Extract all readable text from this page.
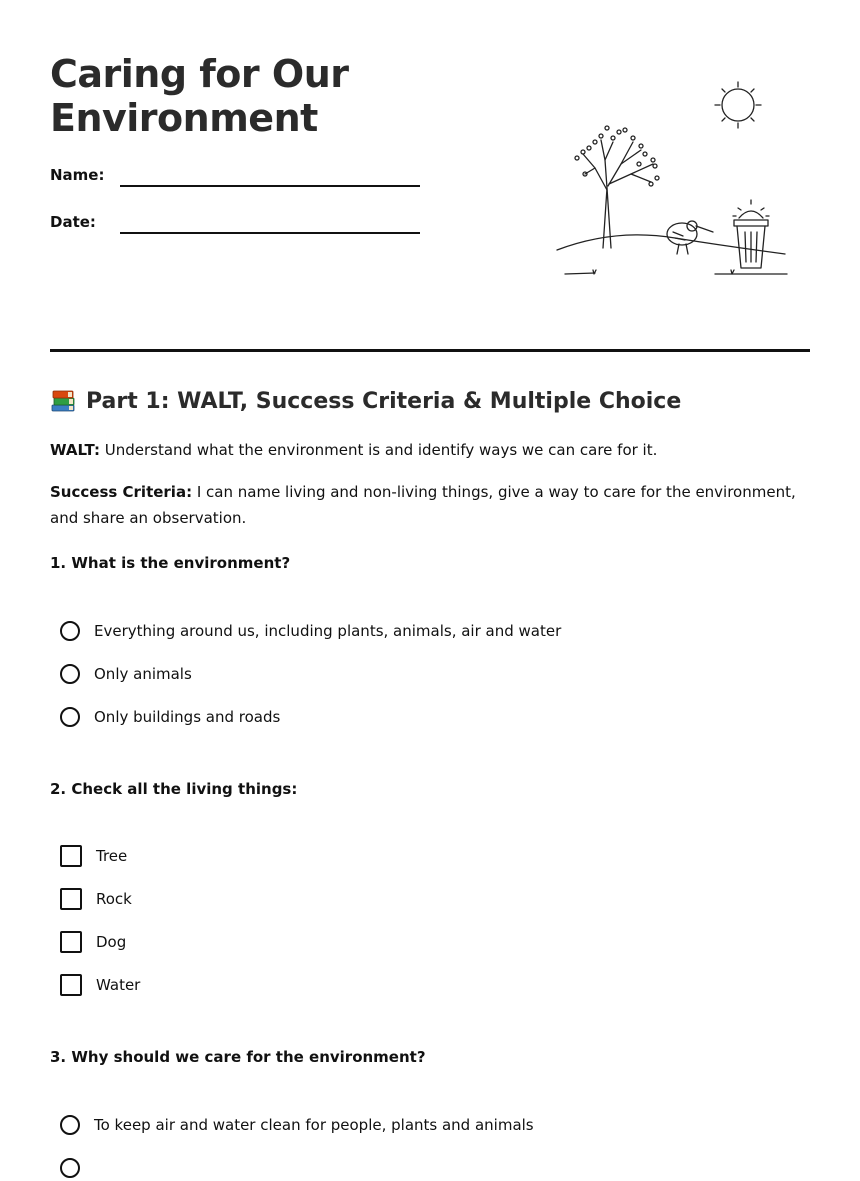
Caring for Our Environment
Name:
Date:
Part 1: WALT, Success Criteria & Multiple Choice
WALT: Understand what the environment is and identify ways we can care for it.
Success Criteria: I can name living and non-living things, give a way to care for the environment, and share an observation.
1. What is the environment?
Everything around us, including plants, animals, air and water
Only animals
Only buildings and roads
2. Check all the living things:
Tree
Rock
Dog
Water
3. Why should we care for the environment?
To keep air and water clean for people, plants and animals
